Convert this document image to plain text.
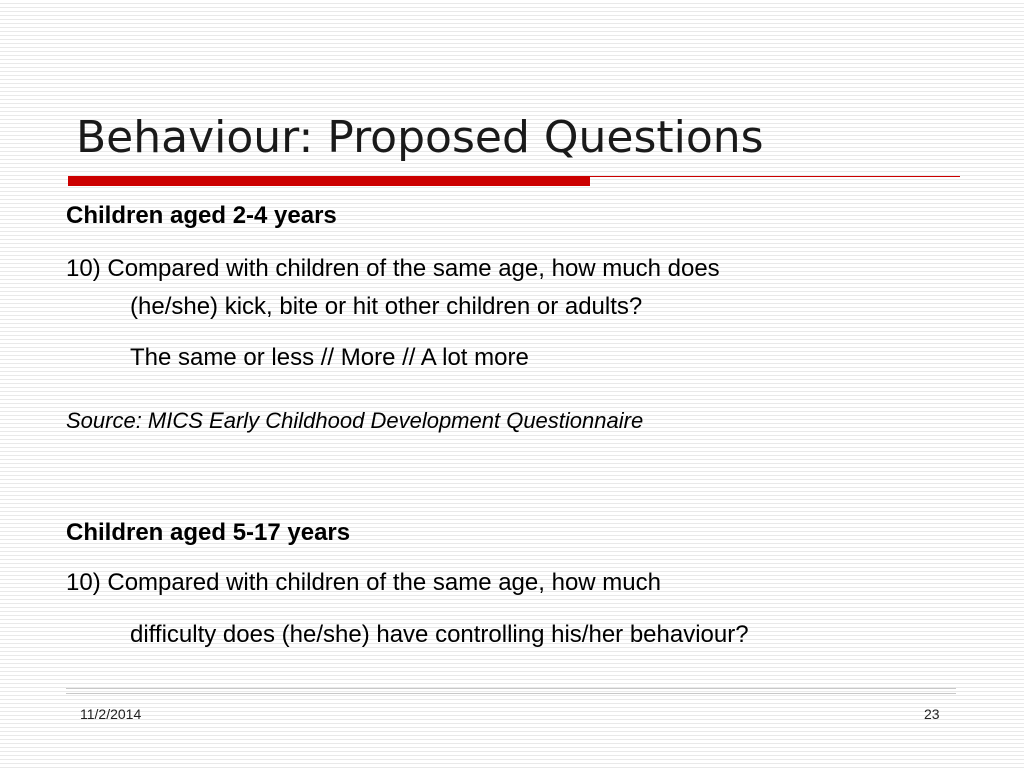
Behaviour: Proposed Questions

Children aged 2-4 years

10) Compared with children of the same age, how much does

(he/she) kick, bite or hit other children or adults?

The same or less // More // A lot more

Source: MICS Early Childhood Development Questionnaire

Children aged 5-17 years

10) Compared with children of the same age, how much

difficulty does (he/she) have controlling his/her behaviour?

11/2/2014	23
